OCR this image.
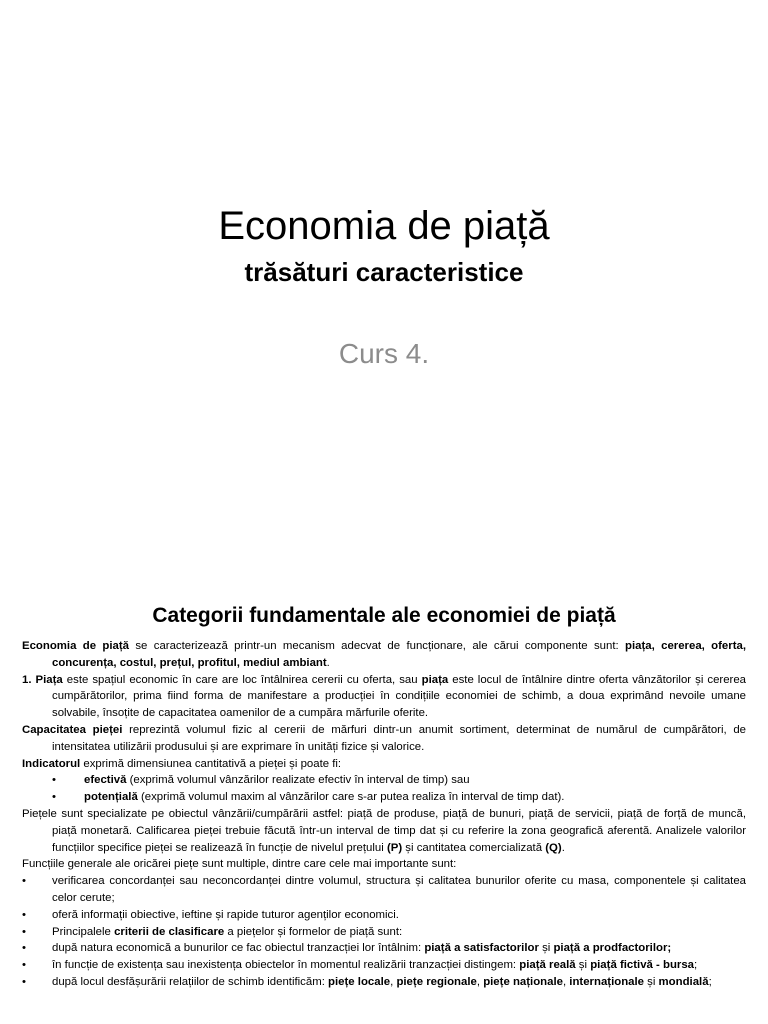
Economia de piață
trăsături caracteristice
Curs 4.
Categorii fundamentale ale economiei de piață

Economia de piață se caracterizează printr-un mecanism adecvat de funcționare, ale cărui componente sunt: piața, cererea, oferta, concurența, costul, prețul, profitul, mediul ambiant.

1. Piața este spațiul economic în care are loc întâlnirea cererii cu oferta, sau piața este locul de întâlnire dintre oferta vânzătorilor și cererea cumpărătorilor, prima fiind forma de manifestare a producției în condițiile economiei de schimb, a doua exprimând nevoile umane solvabile, însoțite de capacitatea oamenilor de a cumpăra mărfurile oferite.

Capacitatea pieței reprezintă volumul fizic al cererii de mărfuri dintr-un anumit sortiment, determinat de numărul de cumpărători, de intensitatea utilizării produsului și are exprimare în unități fizice și valorice.

Indicatorul exprimă dimensiunea cantitativă a pieței și poate fi:

• efectivă (exprimă volumul vânzărilor realizate efectiv în interval de timp) sau

• potențială (exprimă volumul maxim al vânzărilor care s-ar putea realiza în interval de timp dat).

Piețele sunt specializate pe obiectul vânzării/cumpărării astfel: piață de produse, piață de bunuri, piață de servicii, piață de forță de muncă, piață monetară. Calificarea pieței trebuie făcută într-un interval de timp dat și cu referire la zona geografică aferentă. Analizele valorilor funcțiilor specifice pieței se realizează în funcție de nivelul prețului (P) și cantitatea comercializată (Q).

Funcțiile generale ale oricărei piețe sunt multiple, dintre care cele mai importante sunt:

• verificarea concordanței sau neconcordanței dintre volumul, structura și calitatea bunurilor oferite cu masa, componentele și calitatea celor cerute;

• oferă informații obiective, ieftine și rapide tuturor agenților economici.

• Principalele criterii de clasificare a piețelor și formelor de piață sunt:

• după natura economică a bunurilor ce fac obiectul tranzacției lor întâlnim: piață a satisfactorilor și piață a prodfactorilor;

• în funcție de existența sau inexistența obiectelor în momentul realizării tranzacției distingem: piață reală și piață fictivă - bursa;

• după locul desfășurării relațiilor de schimb identificăm: piețe locale, piețe regionale, piețe naționale, internaționale și mondială;
